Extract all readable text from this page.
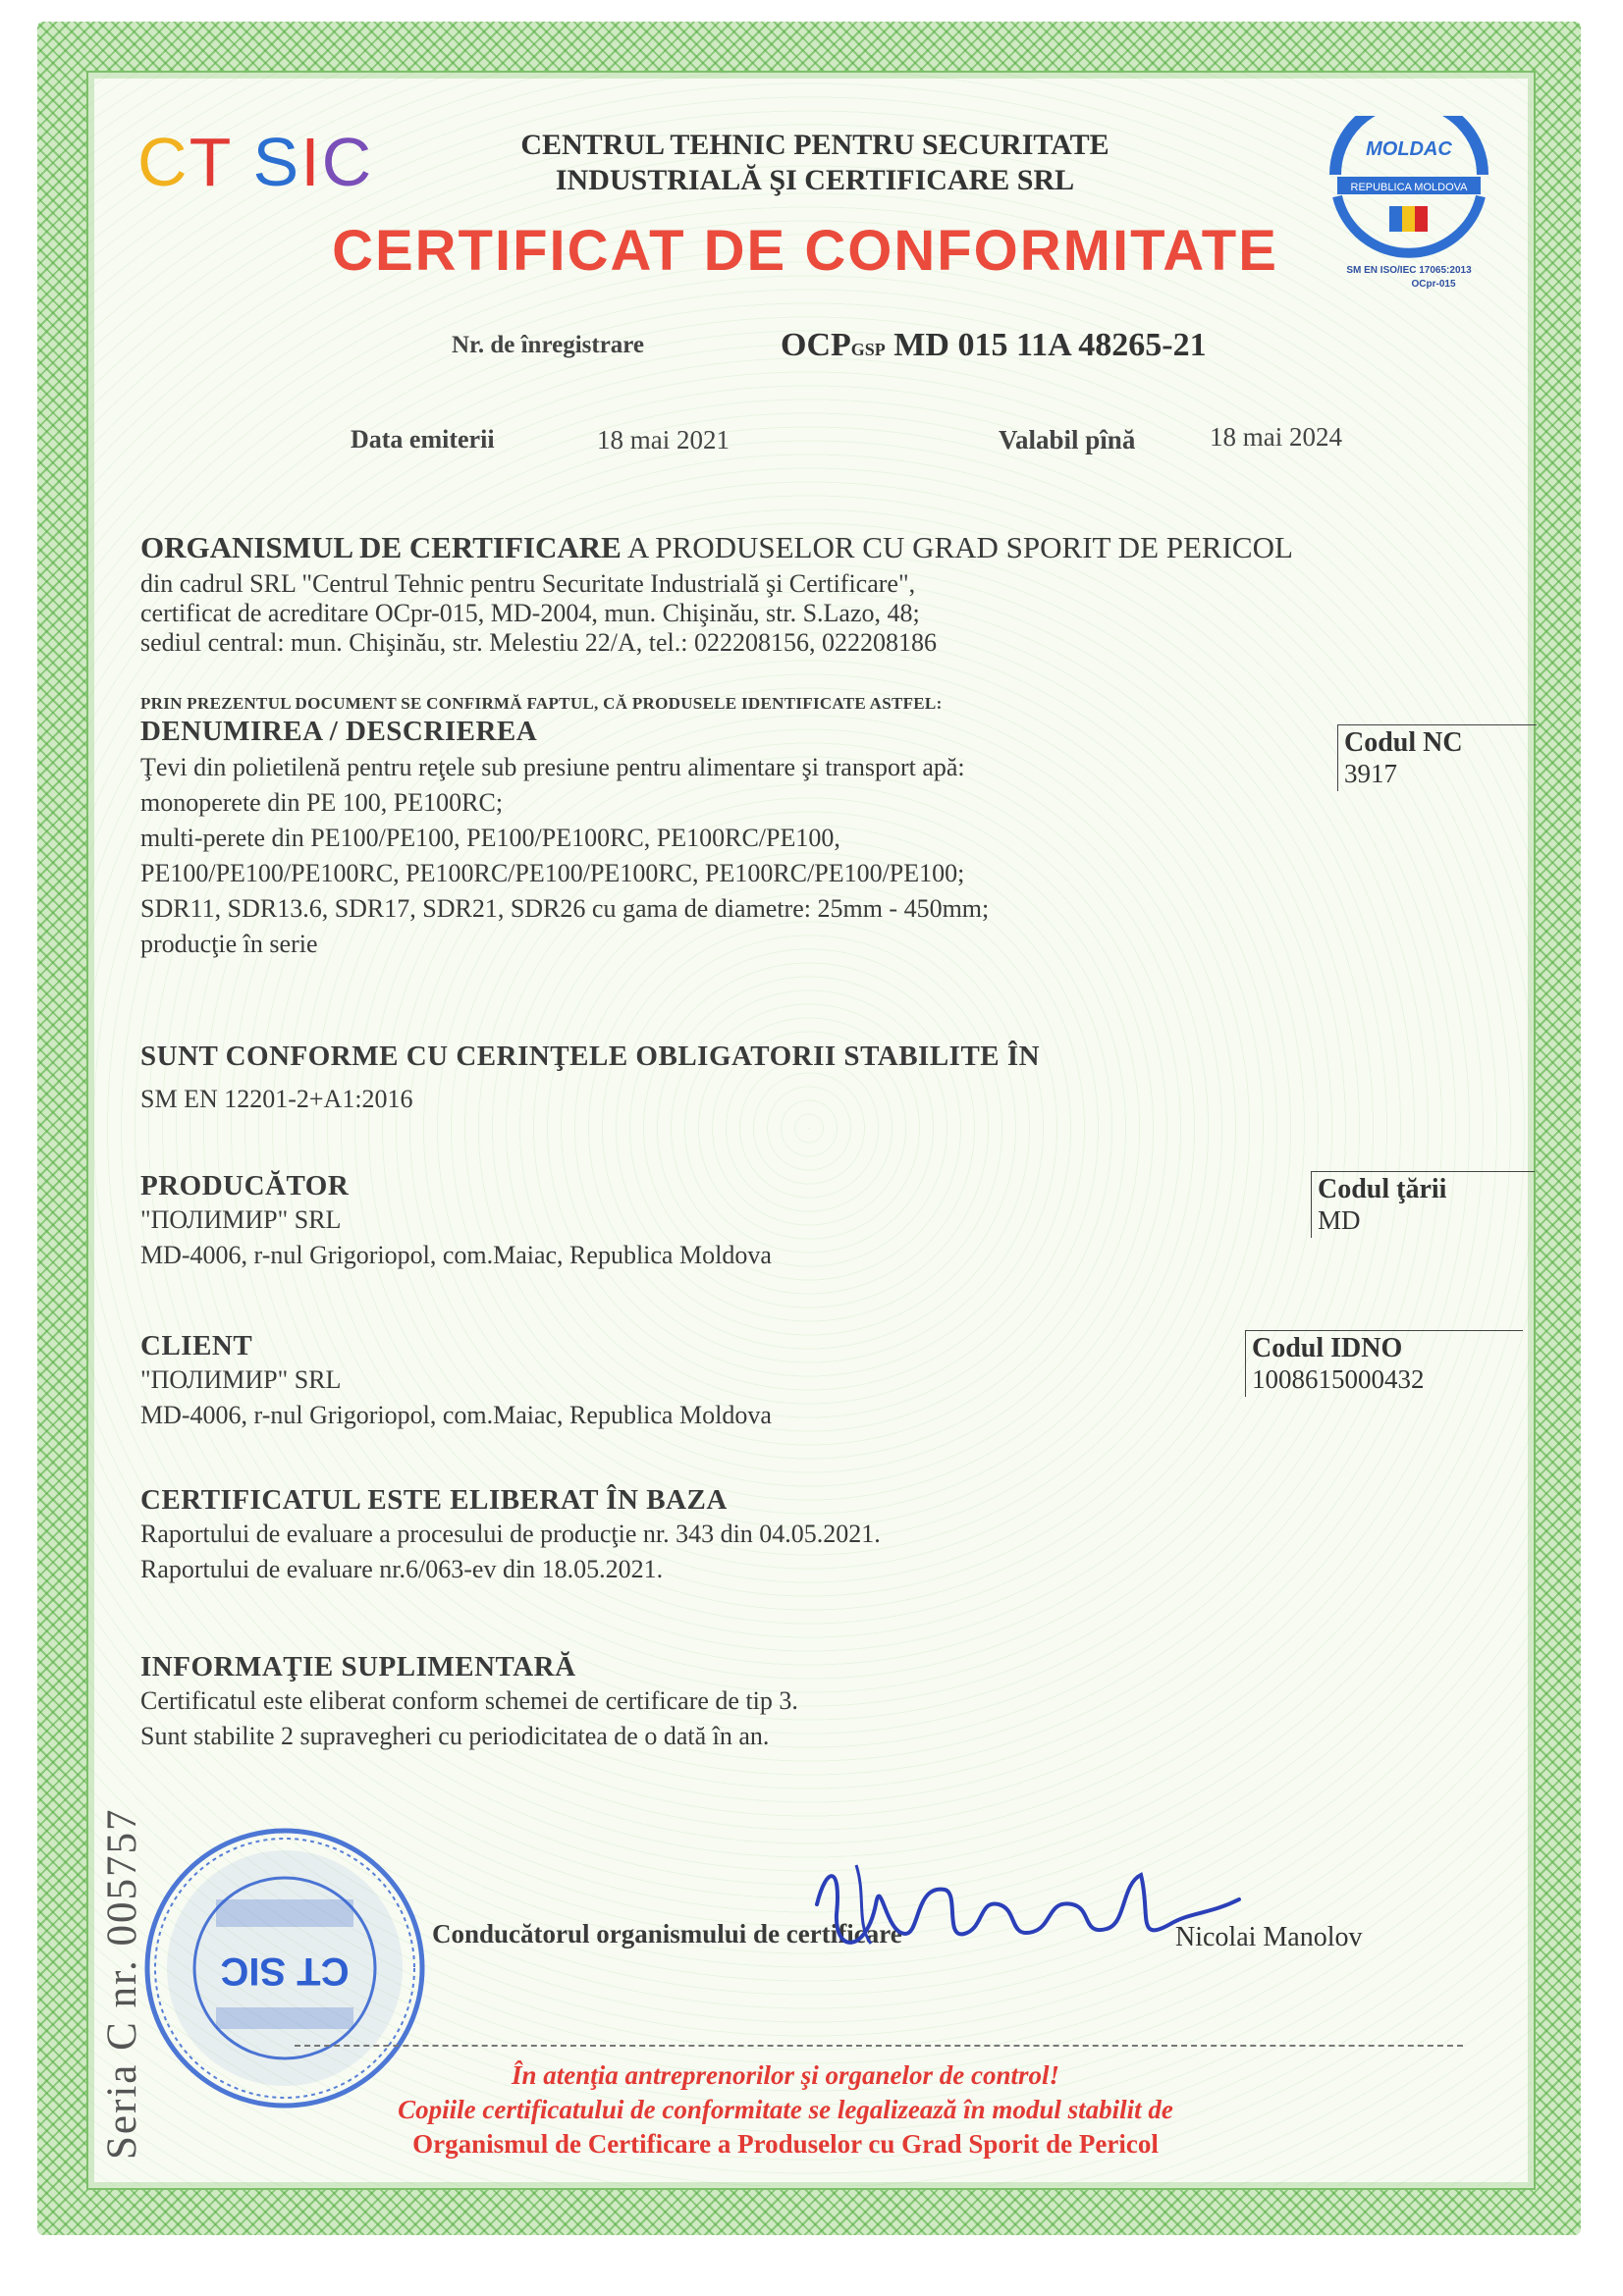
CT SIC	CENTRUL TEHNIC PENTRU SECURITATE
INDUSTRIALĂ ŞI CERTIFICARE SRL
CERTIFICAT DE CONFORMITATE
MOLDAC
REPUBLICA MOLDOVA
SM EN ISO/IEC 17065:2013
OCpr-015
Nr. de înregistrare	OCPGSP MD 015 11A 48265-21
Data emiterii	18 mai 2021	Valabil pînă	18 mai 2024
ORGANISMUL DE CERTIFICARE A PRODUSELOR CU GRAD SPORIT DE PERICOL
din cadrul SRL "Centrul Tehnic pentru Securitate Industrială şi Certificare",
certificat de acreditare OCpr-015, MD-2004, mun. Chişinău, str. S.Lazo, 48;
sediul central: mun. Chişinău, str. Melestiu 22/A, tel.: 022208156, 022208186
PRIN PREZENTUL DOCUMENT SE CONFIRMĂ FAPTUL, CĂ PRODUSELE IDENTIFICATE ASTFEL:
DENUMIREA / DESCRIEREA
Ţevi din polietilenă pentru reţele sub presiune pentru alimentare şi transport apă:
monoperete din PE 100, PE100RC;
multi-perete din PE100/PE100, PE100/PE100RC, PE100RC/PE100,
PE100/PE100/PE100RC, PE100RC/PE100/PE100RC, PE100RC/PE100/PE100;
SDR11, SDR13.6, SDR17, SDR21, SDR26 cu gama de diametre: 25mm - 450mm;
producţie în serie
Codul NC
3917
SUNT CONFORME CU CERINŢELE OBLIGATORII STABILITE ÎN
SM EN 12201-2+A1:2016
PRODUCĂTOR
"ПОЛИМИР" SRL
MD-4006, r-nul Grigoriopol, com.Maiac, Republica Moldova
Codul ţării
MD
CLIENT
"ПОЛИМИР" SRL
MD-4006, r-nul Grigoriopol, com.Maiac, Republica Moldova
Codul IDNO
1008615000432
CERTIFICATUL ESTE ELIBERAT ÎN BAZA
Raportului de evaluare a procesului de producţie nr. 343 din 04.05.2021.
Raportului de evaluare nr.6/063-ev din 18.05.2021.
INFORMAŢIE SUPLIMENTARĂ
Certificatul este eliberat conform schemei de certificare de tip 3.
Sunt stabilite 2 supravegheri cu periodicitatea de o dată în an.
CT SIC
Conducătorul organismului de certificare	Nicolai Manolov
În atenţia antreprenorilor şi organelor de control!
Copiile certificatului de conformitate se legalizează în modul stabilit de
Organismul de Certificare a Produselor cu Grad Sporit de Pericol
Seria C nr. 005757
